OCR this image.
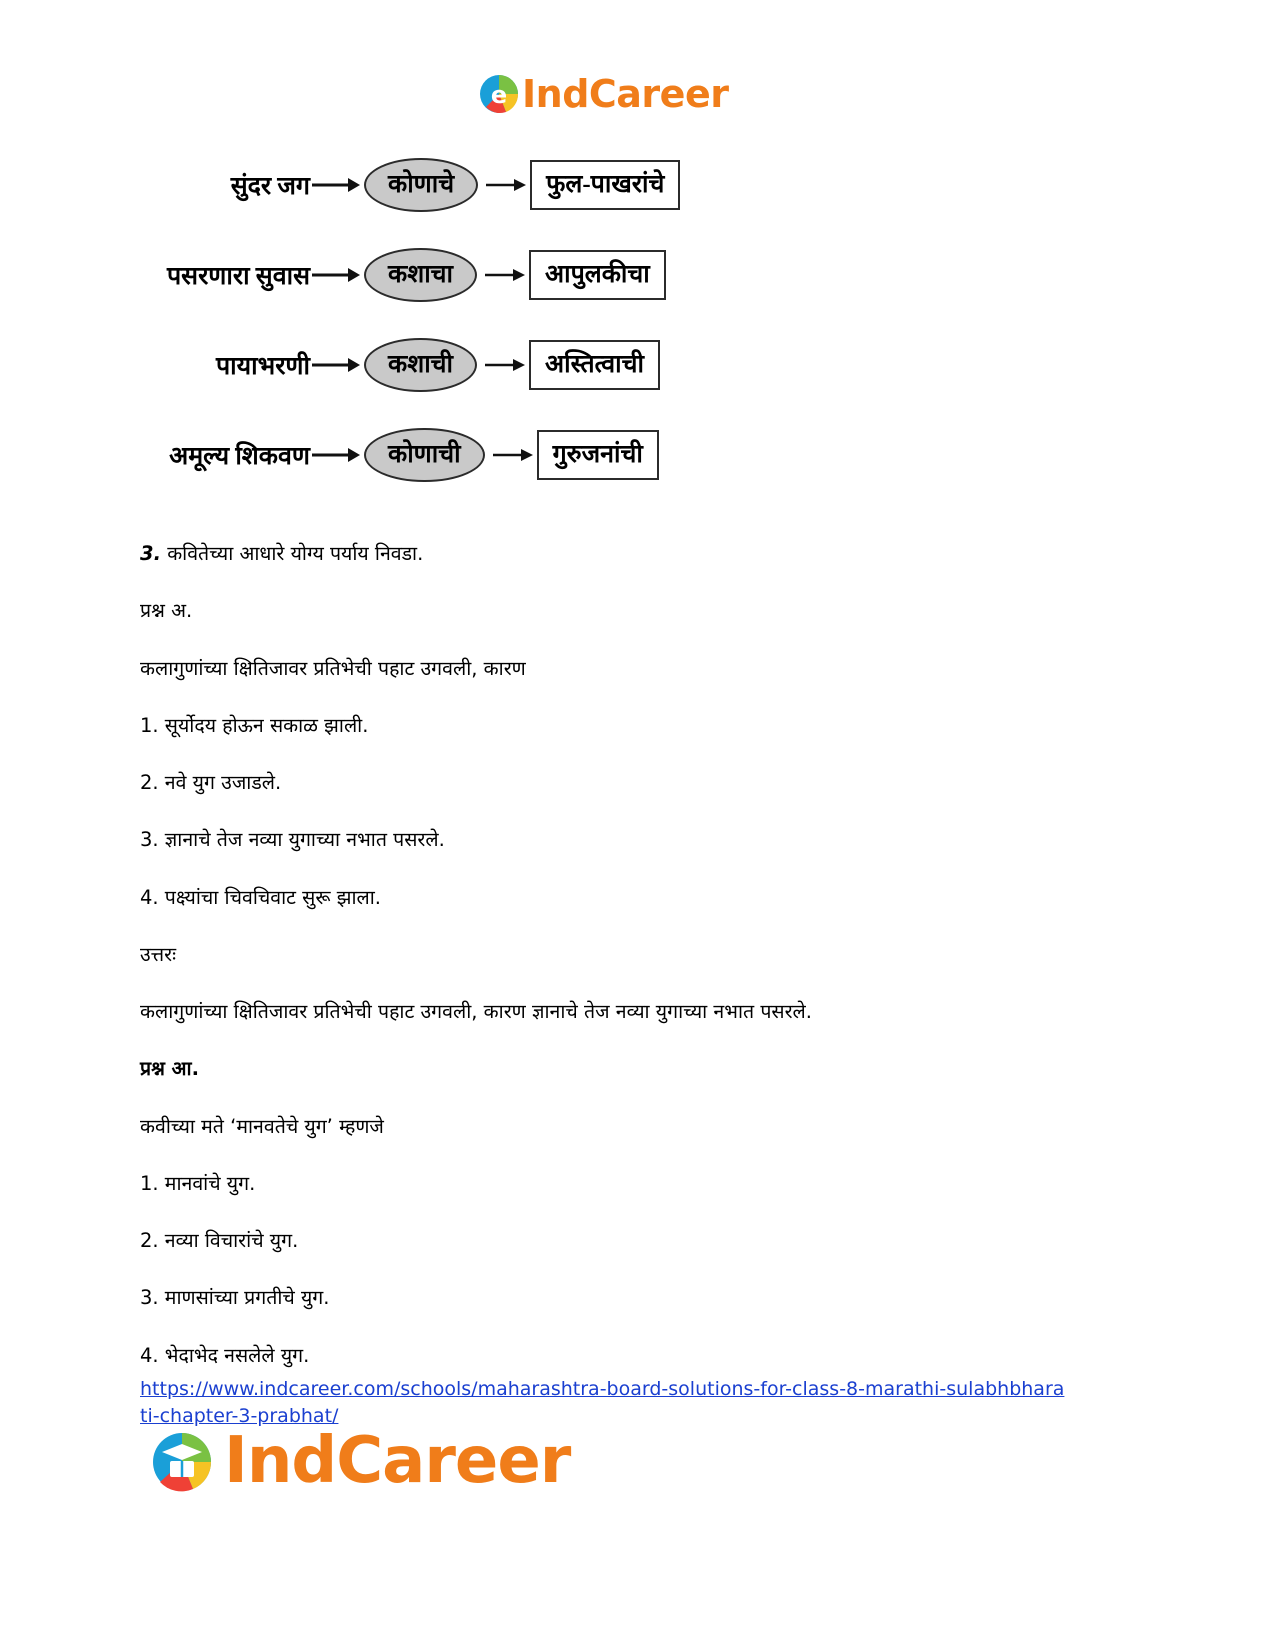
e IndCareer
सुंदर जग	कोणाचे	फुल-पाखरांचे
पसरणारा सुवास	कशाचा	आपुलकीचा
पायाभरणी	कशाची	अस्तित्वाची
अमूल्य शिकवण	कोणाची	गुरुजनांची

3. कवितेच्या आधारे योग्य पर्याय निवडा.

प्रश्न अ.

कलागुणांच्या क्षितिजावर प्रतिभेची पहाट उगवली, कारण

1. सूर्योदय होऊन सकाळ झाली.

2. नवे युग उजाडले.

3. ज्ञानाचे तेज नव्या युगाच्या नभात पसरले.

4. पक्ष्यांचा चिवचिवाट सुरू झाला.

उत्तरः

कलागुणांच्या क्षितिजावर प्रतिभेची पहाट उगवली, कारण ज्ञानाचे तेज नव्या युगाच्या नभात पसरले.

प्रश्न आ.

कवीच्या मते ‘मानवतेचे युग’ म्हणजे

1. मानवांचे युग.

2. नव्या विचारांचे युग.

3. माणसांच्या प्रगतीचे युग.

4. भेदाभेद नसलेले युग.

https://www.indcareer.com/schools/maharashtra-board-solutions-for-class-8-marathi-sulabhbharati-chapter-3-prabhat/

IndCareer
